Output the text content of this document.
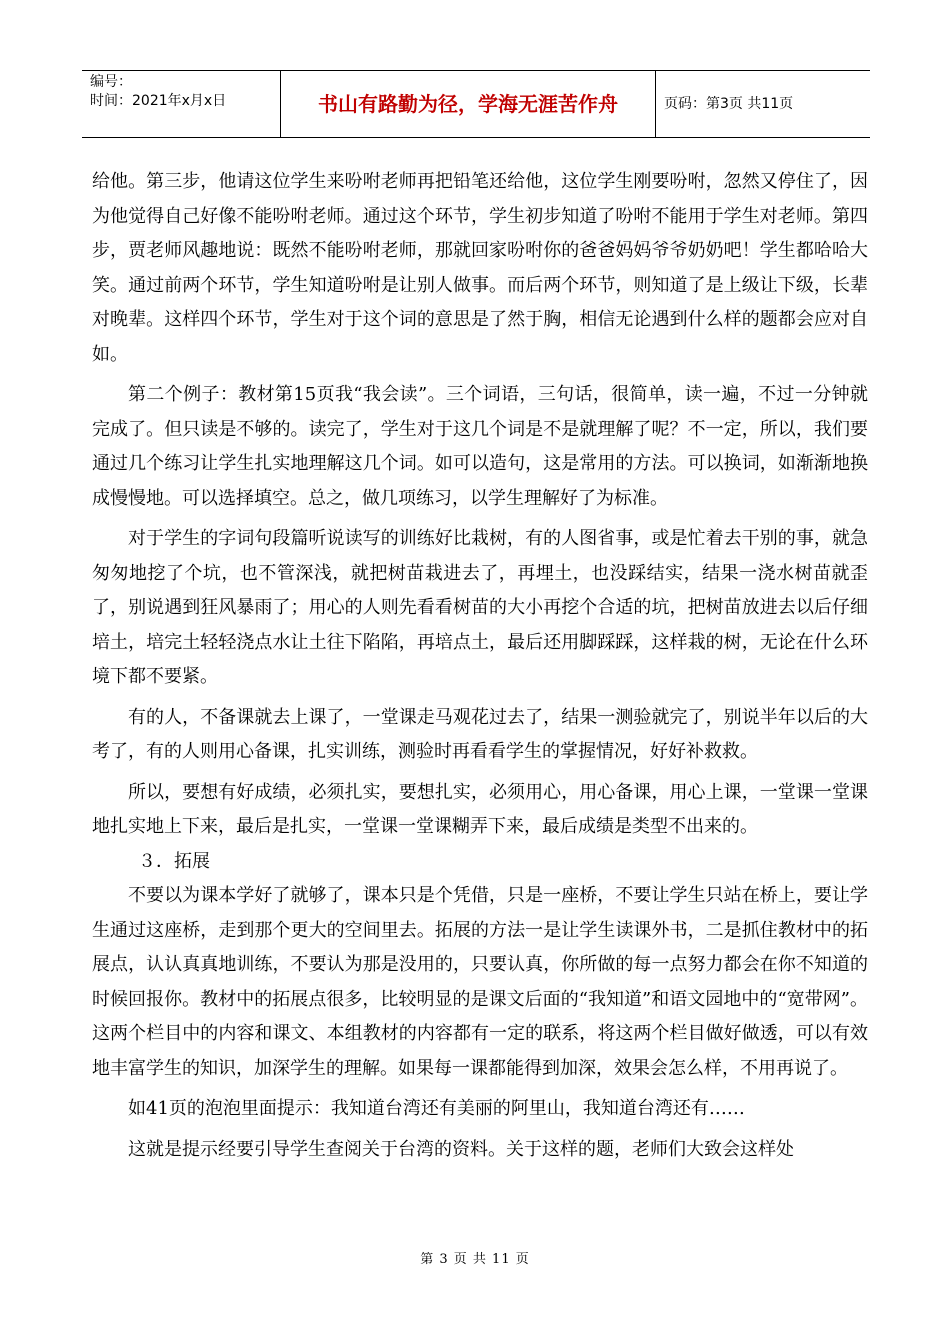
编号：
时间：2021年x月x日	书山有路勤为径，学海无涯苦作舟	页码：第3页 共11页

给他。第三步，他请这位学生来吩咐老师再把铅笔还给他，这位学生刚要吩咐，忽然又停住了，因为他觉得自己好像不能吩咐老师。通过这个环节，学生初步知道了吩咐不能用于学生对老师。第四步，贾老师风趣地说：既然不能吩咐老师，那就回家吩咐你的爸爸妈妈爷爷奶奶吧！学生都哈哈大笑。通过前两个环节，学生知道吩咐是让别人做事。而后两个环节，则知道了是上级让下级，长辈对晚辈。这样四个环节，学生对于这个词的意思是了然于胸，相信无论遇到什么样的题都会应对自如。

第二个例子：教材第15页我“我会读”。三个词语，三句话，很简单，读一遍，不过一分钟就完成了。但只读是不够的。读完了，学生对于这几个词是不是就理解了呢？不一定，所以，我们要通过几个练习让学生扎实地理解这几个词。如可以造句，这是常用的方法。可以换词，如渐渐地换成慢慢地。可以选择填空。总之，做几项练习，以学生理解好了为标准。

对于学生的字词句段篇听说读写的训练好比栽树，有的人图省事，或是忙着去干别的事，就急匆匆地挖了个坑，也不管深浅，就把树苗栽进去了，再埋土，也没踩结实，结果一浇水树苗就歪了，别说遇到狂风暴雨了；用心的人则先看看树苗的大小再挖个合适的坑，把树苗放进去以后仔细培土，培完土轻轻浇点水让土往下陷陷，再培点土，最后还用脚踩踩，这样栽的树，无论在什么环境下都不要紧。

有的人，不备课就去上课了，一堂课走马观花过去了，结果一测验就完了，别说半年以后的大考了，有的人则用心备课，扎实训练，测验时再看看学生的掌握情况，好好补救救。

所以，要想有好成绩，必须扎实，要想扎实，必须用心，用心备课，用心上课，一堂课一堂课地扎实地上下来，最后是扎实，一堂课一堂课糊弄下来，最后成绩是类型不出来的。

３．拓展

不要以为课本学好了就够了，课本只是个凭借，只是一座桥，不要让学生只站在桥上，要让学生通过这座桥，走到那个更大的空间里去。拓展的方法一是让学生读课外书，二是抓住教材中的拓展点，认认真真地训练，不要认为那是没用的，只要认真，你所做的每一点努力都会在你不知道的时候回报你。教材中的拓展点很多，比较明显的是课文后面的“我知道”和语文园地中的“宽带网”。这两个栏目中的内容和课文、本组教材的内容都有一定的联系，将这两个栏目做好做透，可以有效地丰富学生的知识，加深学生的理解。如果每一课都能得到加深，效果会怎么样，不用再说了。

如41页的泡泡里面提示：我知道台湾还有美丽的阿里山，我知道台湾还有……

这就是提示经要引导学生查阅关于台湾的资料。关于这样的题，老师们大致会这样处

第 3 页 共 11 页
